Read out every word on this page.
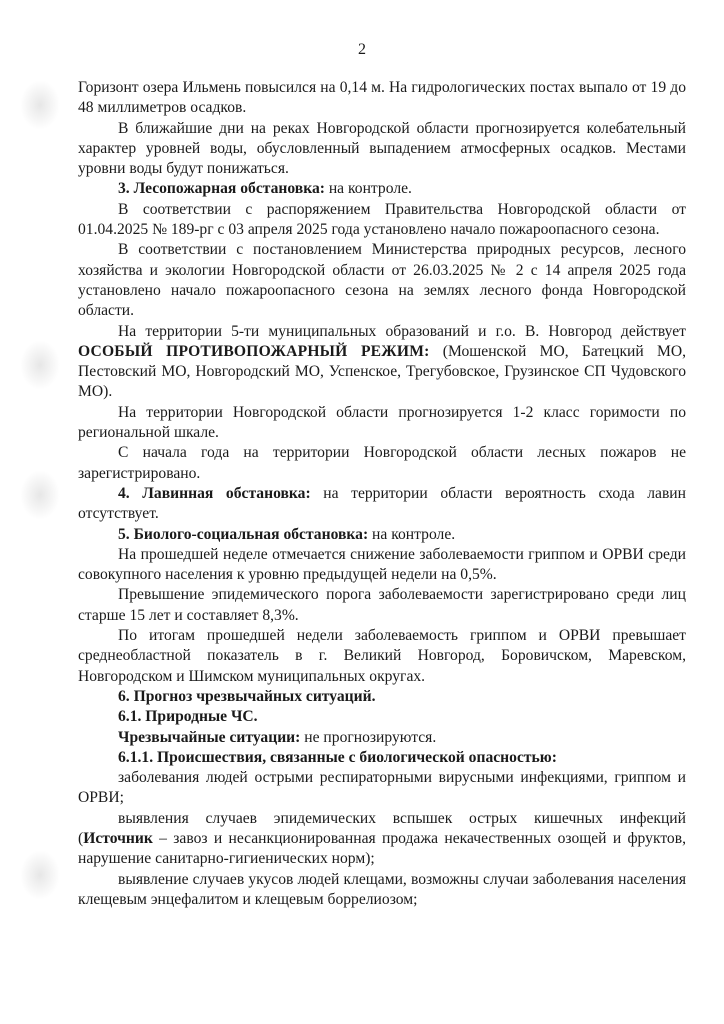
2

Горизонт озера Ильмень повысился на 0,14 м. На гидрологических постах выпало от 19 до 48 миллиметров осадков.

В ближайшие дни на реках Новгородской области прогнозируется колебательный характер уровней воды, обусловленный выпадением атмосферных осадков. Местами уровни воды будут понижаться.

3. Лесопожарная обстановка: на контроле.

В соответствии с распоряжением Правительства Новгородской области от 01.04.2025 № 189-рг с 03 апреля 2025 года установлено начало пожароопасного сезона.

В соответствии с постановлением Министерства природных ресурсов, лесного хозяйства и экологии Новгородской области от 26.03.2025 № 2 с 14 апреля 2025 года установлено начало пожароопасного сезона на землях лесного фонда Новгородской области.

На территории 5-ти муниципальных образований и г.о. В. Новгород действует ОСОБЫЙ ПРОТИВОПОЖАРНЫЙ РЕЖИМ: (Мошенской МО, Батецкий МО, Пестовский МО, Новгородский МО, Успенское, Трегубовское, Грузинское СП Чудовского МО).

На территории Новгородской области прогнозируется 1-2 класс горимости по региональной шкале.

С начала года на территории Новгородской области лесных пожаров не зарегистрировано.

4. Лавинная обстановка: на территории области вероятность схода лавин отсутствует.

5. Биолого-социальная обстановка: на контроле.

На прошедшей неделе отмечается снижение заболеваемости гриппом и ОРВИ среди совокупного населения к уровню предыдущей недели на 0,5%.

Превышение эпидемического порога заболеваемости зарегистрировано среди лиц старше 15 лет и составляет 8,3%.

По итогам прошедшей недели заболеваемость гриппом и ОРВИ превышает среднеобластной показатель в г. Великий Новгород, Боровичском, Маревском, Новгородском и Шимском муниципальных округах.

6. Прогноз чрезвычайных ситуаций.

6.1. Природные ЧС.

Чрезвычайные ситуации: не прогнозируются.

6.1.1. Происшествия, связанные с биологической опасностью:

заболевания людей острыми респираторными вирусными инфекциями, гриппом и ОРВИ;

выявления случаев эпидемических вспышек острых кишечных инфекций (Источник – завоз и несанкционированная продажа некачественных озощей и фруктов, нарушение санитарно-гигиенических норм);

выявление случаев укусов людей клещами, возможны случаи заболевания населения клещевым энцефалитом и клещевым боррелиозом;
